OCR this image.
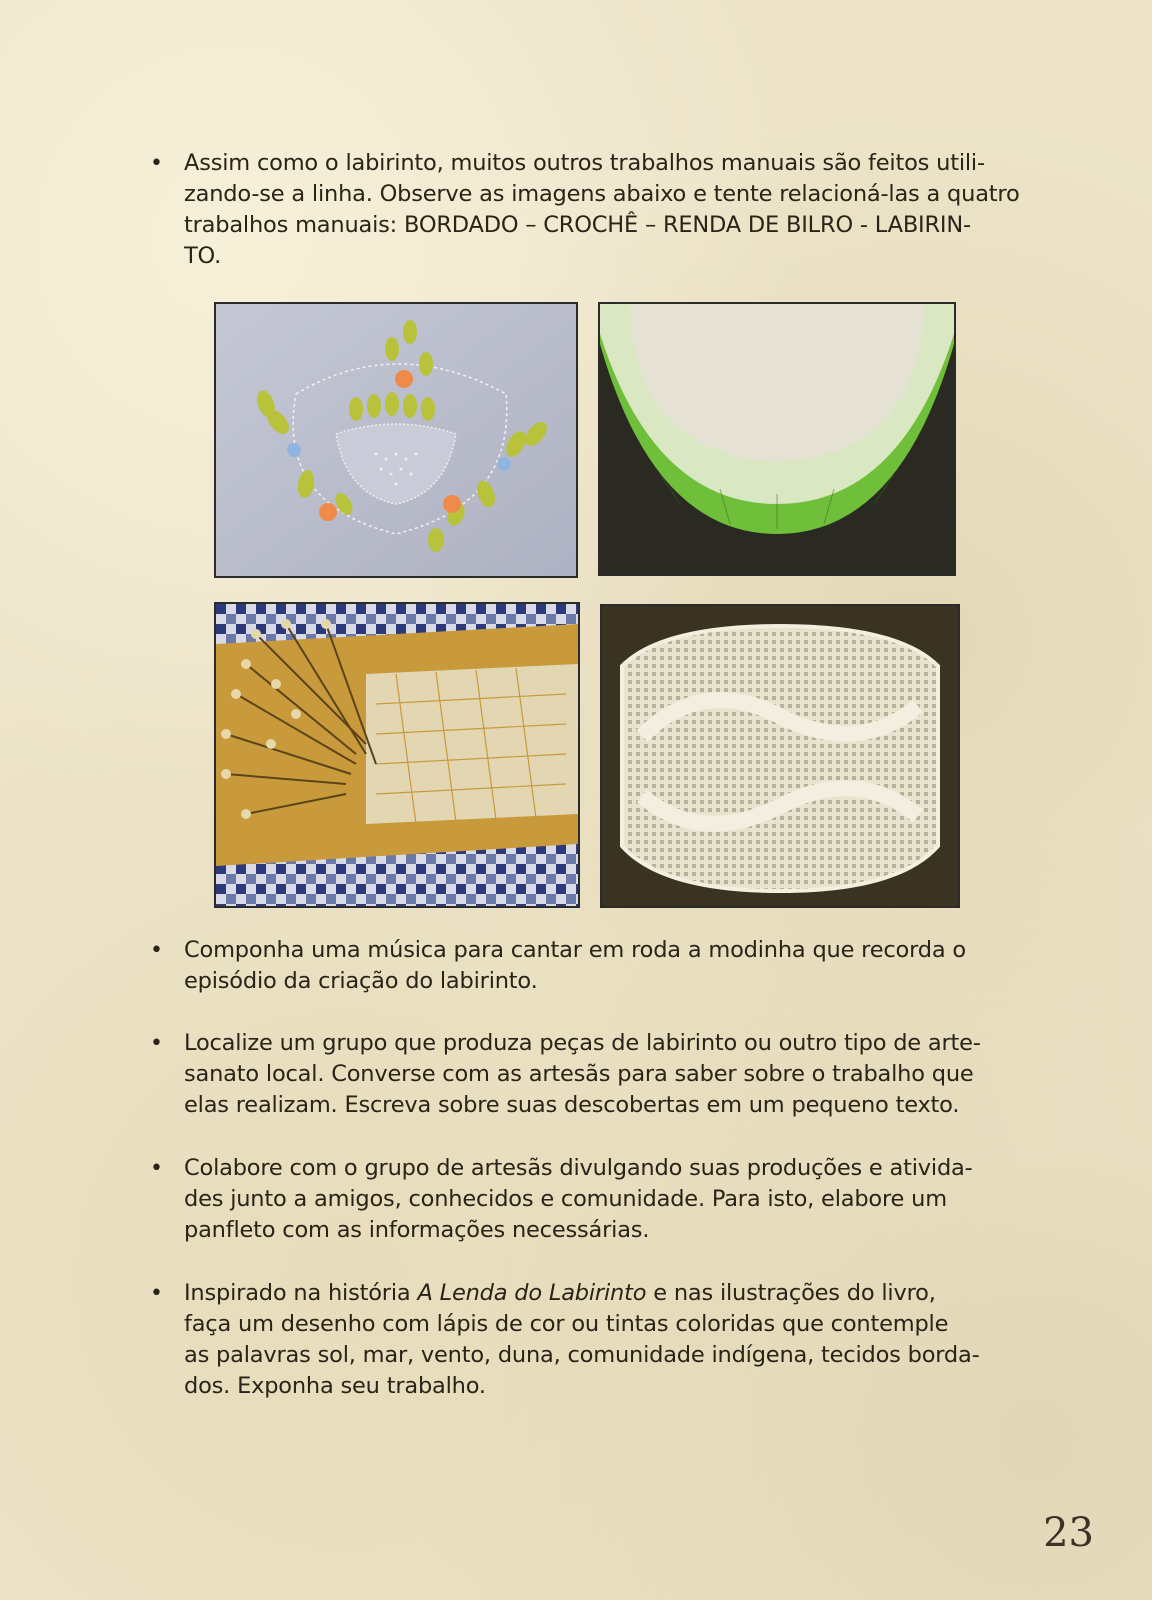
• Assim como o labirinto, muitos outros trabalhos manuais são feitos utili-
zando-se a linha. Observe as imagens abaixo e tente relacioná-las a quatro
trabalhos manuais: BORDADO – CROCHÊ – RENDA DE BILRO - LABIRIN-
TO.
• Componha uma música para cantar em roda a modinha que recorda o
episódio da criação do labirinto.
• Localize um grupo que produza peças de labirinto ou outro tipo de arte-
sanato local. Converse com as artesãs para saber sobre o trabalho que
elas realizam. Escreva sobre suas descobertas em um pequeno texto.
• Colabore com o grupo de artesãs divulgando suas produções e ativida-
des junto a amigos, conhecidos e comunidade. Para isto, elabore um
panfleto com as informações necessárias.
• Inspirado na história A Lenda do Labirinto e nas ilustrações do livro,
faça um desenho com lápis de cor ou tintas coloridas que contemple
as palavras sol, mar, vento, duna, comunidade indígena, tecidos borda-
dos. Exponha seu trabalho.
23
